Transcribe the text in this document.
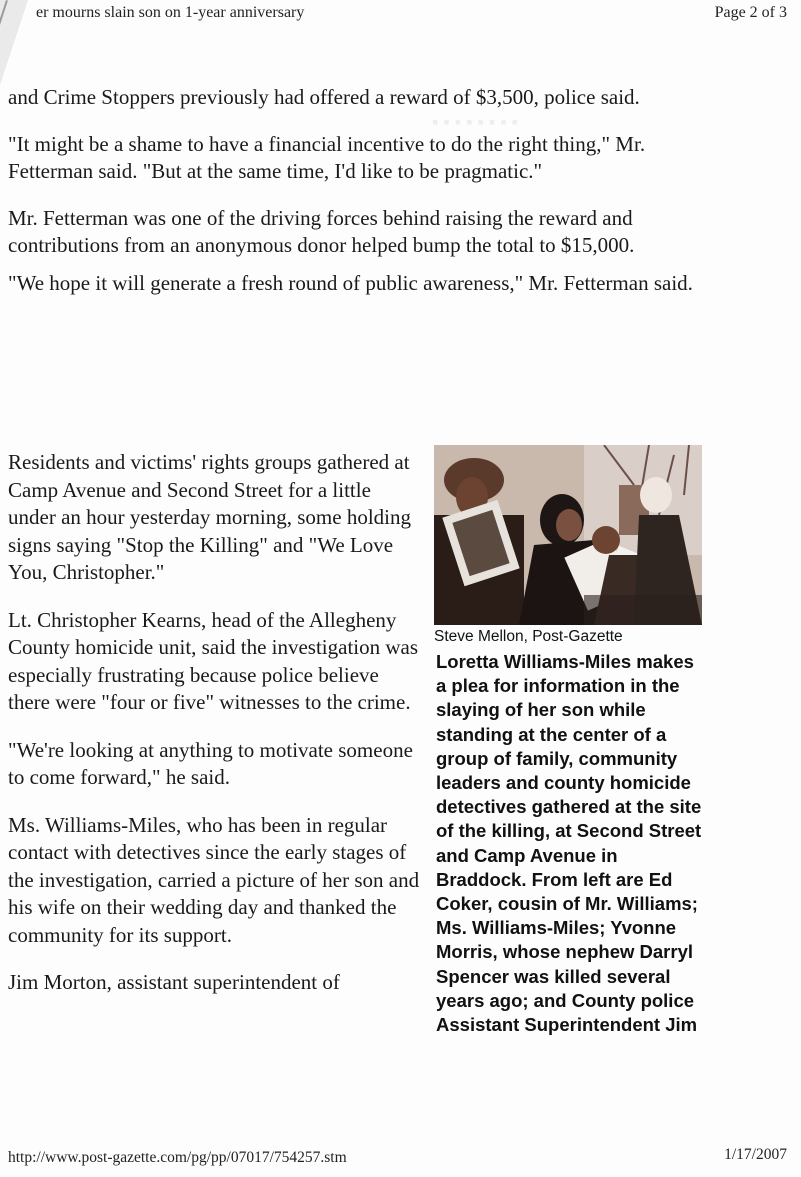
er mourns slain son on 1-year anniversary	Page 2 of 3
▪ ▪ ▪ ▪ ▪ ▪ ▪ ▪

and Crime Stoppers previously had offered a reward of $3,500, police said.

"It might be a shame to have a financial incentive to do the right thing," Mr. Fetterman said. "But at the same time, I'd like to be pragmatic."

Mr. Fetterman was one of the driving forces behind raising the reward and contributions from an anonymous donor helped bump the total to $15,000.

"We hope it will generate a fresh round of public awareness," Mr. Fetterman said.

Residents and victims' rights groups gathered at Camp Avenue and Second Street for a little under an hour yesterday morning, some holding signs saying "Stop the Killing" and "We Love You, Christopher."

Lt. Christopher Kearns, head of the Allegheny County homicide unit, said the investigation was especially frustrating because police believe there were "four or five" witnesses to the crime.

"We're looking at anything to motivate someone to come forward," he said.

Ms. Williams-Miles, who has been in regular contact with detectives since the early stages of the investigation, carried a picture of her son and his wife on their wedding day and thanked the community for its support.

Jim Morton, assistant superintendent of

Steve Mellon, Post-Gazette
Loretta Williams-Miles makes a plea for information in the slaying of her son while standing at the center of a group of family, community leaders and county homicide detectives gathered at the site of the killing, at Second Street and Camp Avenue in Braddock. From left are Ed Coker, cousin of Mr. Williams; Ms. Williams-Miles; Yvonne Morris, whose nephew Darryl Spencer was killed several years ago; and County police Assistant Superintendent Jim
http://www.post-gazette.com/pg/pp/07017/754257.stm	1/17/2007
